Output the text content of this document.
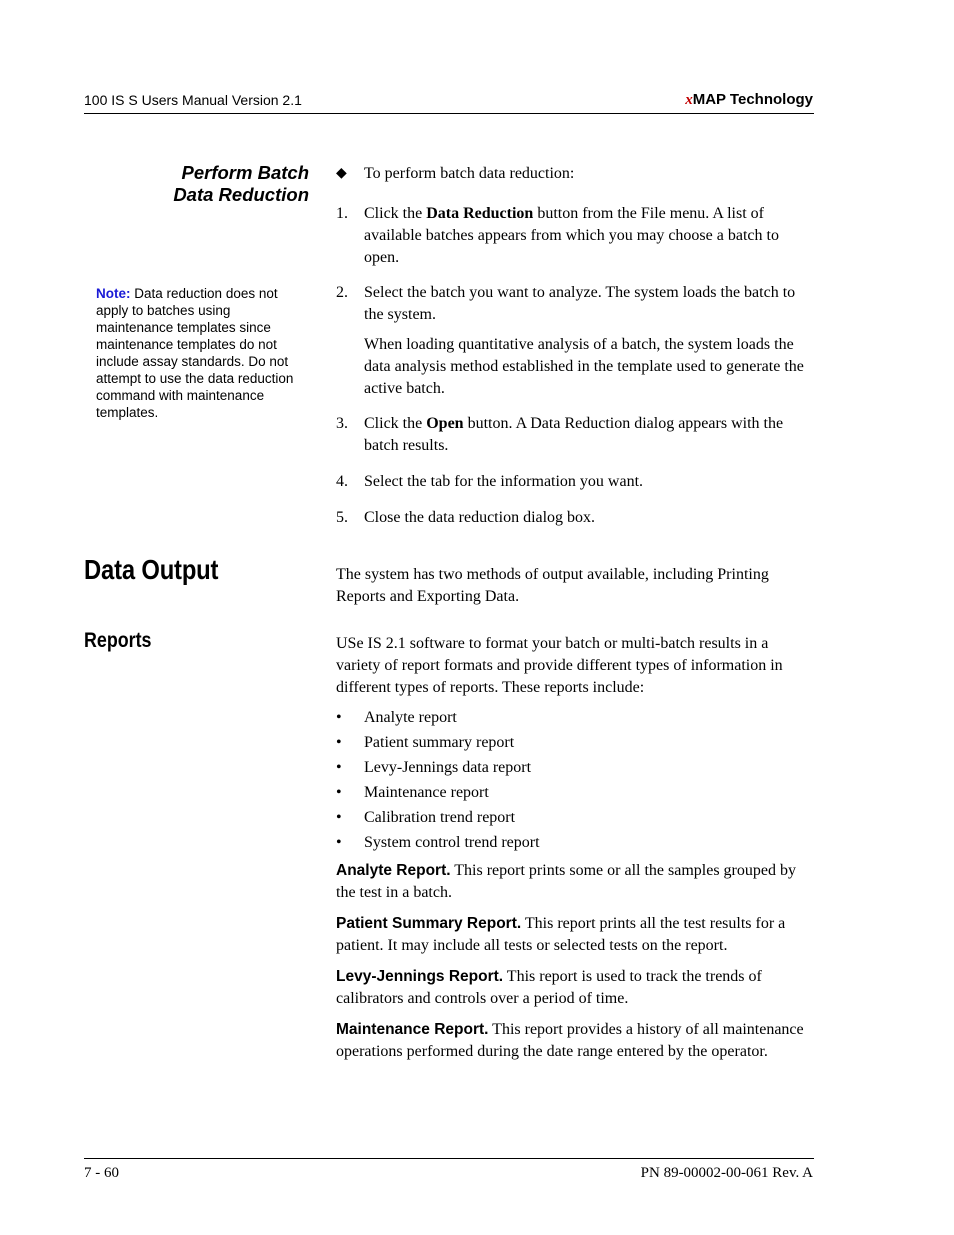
100 IS S Users Manual Version 2.1	xMAP Technology
Perform Batch
Data Reduction
Note: Data reduction does not apply to batches using maintenance templates since maintenance templates do not include assay standards. Do not attempt to use the data reduction command with maintenance templates.
◆ To perform batch data reduction:
1. Click the Data Reduction button from the File menu. A list of available batches appears from which you may choose a batch to open.
2. Select the batch you want to analyze. The system loads the batch to the system.
When loading quantitative analysis of a batch, the system loads the data analysis method established in the template used to generate the active batch.
3. Click the Open button. A Data Reduction dialog appears with the batch results.
4. Select the tab for the information you want.
5. Close the data reduction dialog box.
Data Output	The system has two methods of output available, including Printing Reports and Exporting Data.
Reports	USe IS 2.1 software to format your batch or multi-batch results in a variety of report formats and provide different types of information in different types of reports. These reports include:
• Analyte report
• Patient summary report
• Levy-Jennings data report
• Maintenance report
• Calibration trend report
• System control trend report
Analyte Report. This report prints some or all the samples grouped by the test in a batch.
Patient Summary Report. This report prints all the test results for a patient. It may include all tests or selected tests on the report.
Levy-Jennings Report. This report is used to track the trends of calibrators and controls over a period of time.
Maintenance Report. This report provides a history of all maintenance operations performed during the date range entered by the operator.
7 - 60	PN 89-00002-00-061 Rev. A
